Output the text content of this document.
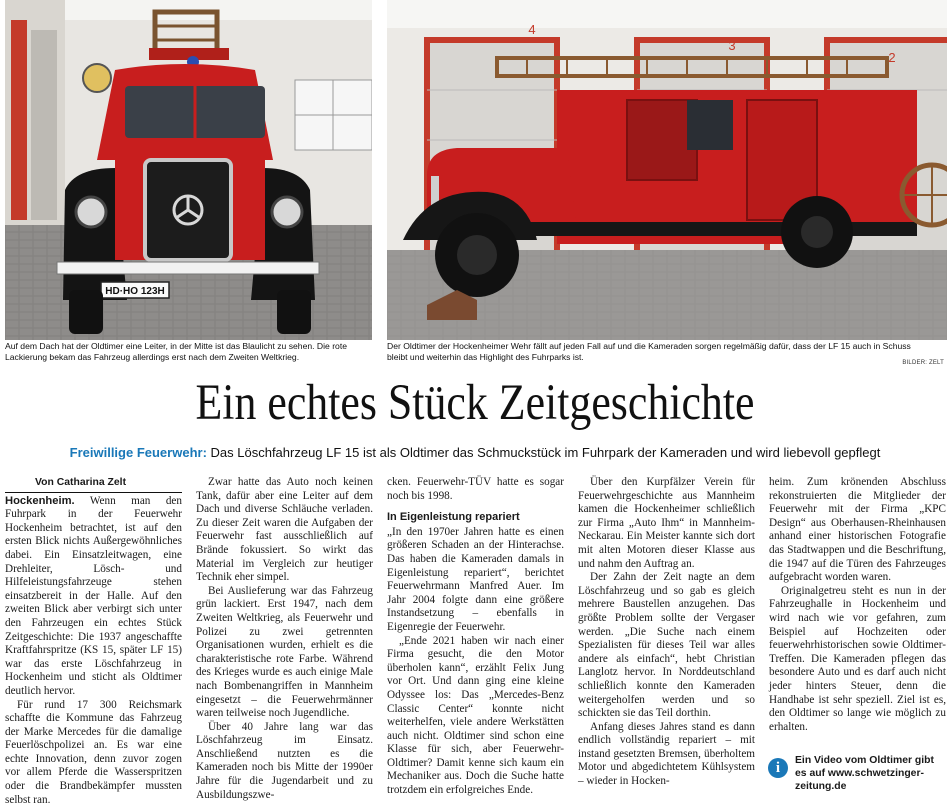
HD·HO 123H
4
3
2
Auf dem Dach hat der Oldtimer eine Leiter, in der Mitte ist das Blaulicht zu sehen. Die rote Lackierung bekam das Fahrzeug allerdings erst nach dem Zweiten Weltkrieg.
Der Oldtimer der Hockenheimer Wehr fällt auf jeden Fall auf und die Kameraden sorgen regelmäßig dafür, dass der LF 15 auch in Schuss bleibt und weiterhin das Highlight des Fuhrparks ist.
BILDER: ZELT
Ein echtes Stück Zeitgeschichte
Freiwillige Feuerwehr: Das Löschfahrzeug LF 15 ist als Oldtimer das Schmuckstück im Fuhrpark der Kameraden und wird liebevoll gepflegt
Von Catharina Zelt

Hockenheim. Wenn man den Fuhrpark in der Feuerwehr Hockenheim betrachtet, ist auf den ersten Blick nichts Außergewöhnliches dabei. Ein Einsatzleitwagen, eine Drehleiter, Lösch- und Hilfeleistungsfahrzeuge stehen einsatzbereit in der Halle. Auf den zweiten Blick aber verbirgt sich unter den Fahrzeugen ein echtes Stück Zeitgeschichte: Die 1937 angeschaffte Kraftfahrspritze (KS 15, später LF 15) war das erste Löschfahrzeug in Hockenheim und sticht als Oldtimer deutlich hervor.

Für rund 17 300 Reichsmark schaffte die Kommune das Fahrzeug der Marke Mercedes für die damalige Feuerlöschpolizei an. Es war eine echte Innovation, denn zuvor zogen vor allem Pferde die Wasserspritzen oder die Brandbekämpfer mussten selbst ran.

Zwar hatte das Auto noch keinen Tank, dafür aber eine Leiter auf dem Dach und diverse Schläuche verladen. Zu dieser Zeit waren die Aufgaben der Feuerwehr fast ausschließlich auf Brände fokussiert. So wirkt das Material im Vergleich zur heutiger Technik eher simpel.

Bei Auslieferung war das Fahrzeug grün lackiert. Erst 1947, nach dem Zweiten Weltkrieg, als Feuerwehr und Polizei zu zwei getrennten Organisationen wurden, erhielt es die charakteristische rote Farbe. Während des Krieges wurde es auch einige Male nach Bombenangriffen in Mannheim eingesetzt – die Feuerwehrmänner waren teilweise noch Jugendliche.

Über 40 Jahre lang war das Löschfahrzeug im Einsatz. Anschließend nutzten es die Kameraden noch bis Mitte der 1990er Jahre für die Jugendarbeit und zu Ausbildungszwe-

cken. Feuerwehr-TÜV hatte es sogar noch bis 1998.

In Eigenleistung repariert

„In den 1970er Jahren hatte es einen größeren Schaden an der Hinterachse. Das haben die Kameraden damals in Eigenleistung repariert“, berichtet Feuerwehrmann Manfred Auer. Im Jahr 2004 folgte dann eine größere Instandsetzung – ebenfalls in Eigenregie der Feuerwehr.

„Ende 2021 haben wir nach einer Firma gesucht, die den Motor überholen kann“, erzählt Felix Jung vor Ort. Und dann ging eine kleine Odyssee los: Das „Mercedes-Benz Classic Center“ konnte nicht weiterhelfen, viele andere Werkstätten auch nicht. Oldtimer sind schon eine Klasse für sich, aber Feuerwehr-Oldtimer? Damit kenne sich kaum ein Mechaniker aus. Doch die Suche hatte trotzdem ein erfolgreiches Ende.

Über den Kurpfälzer Verein für Feuerwehrgeschichte aus Mannheim kamen die Hockenheimer schließlich zur Firma „Auto Ihm“ in Mannheim-Neckarau. Ein Meister kannte sich dort mit alten Motoren dieser Klasse aus und nahm den Auftrag an.

Der Zahn der Zeit nagte an dem Löschfahrzeug und so gab es gleich mehrere Baustellen anzugehen. Das größte Problem sollte der Vergaser werden. „Die Suche nach einem Spezialisten für dieses Teil war alles andere als einfach“, hebt Christian Langlotz hervor. In Norddeutschland schließlich konnte den Kameraden weitergeholfen werden und so schickten sie das Teil dorthin.

Anfang dieses Jahres stand es dann endlich vollständig repariert – mit instand gesetzten Bremsen, überholtem Motor und abgedichtetem Kühlsystem – wieder in Hocken-

heim. Zum krönenden Abschluss rekonstruierten die Mitglieder der Feuerwehr mit der Firma „KPC Design“ aus Oberhausen-Rheinhausen anhand einer historischen Fotografie das Stadtwappen und die Beschriftung, die 1947 auf die Türen des Fahrzeuges aufgebracht worden waren.

Originalgetreu steht es nun in der Fahrzeughalle in Hockenheim und wird nach wie vor gefahren, zum Beispiel auf Hochzeiten oder feuerwehrhistorischen sowie Oldtimer-Treffen. Die Kameraden pflegen das besondere Auto und es darf auch nicht jeder hinters Steuer, denn die Handhabe ist sehr speziell. Ziel ist es, den Oldtimer so lange wie möglich zu erhalten.

i	Ein Video vom Oldtimer gibt es auf www.schwetzinger-zeitung.de
